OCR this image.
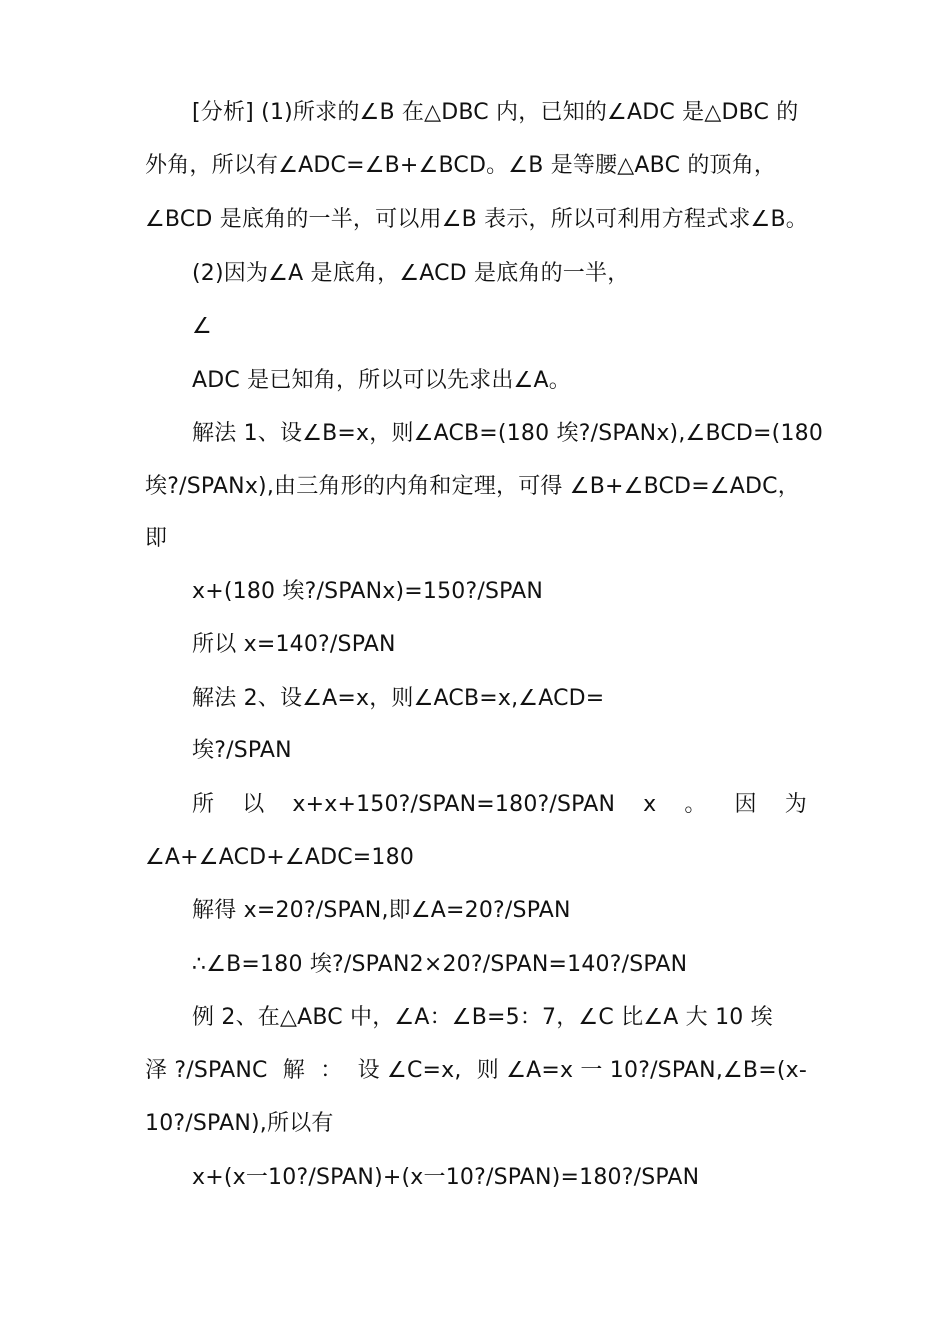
[分析] (1)所求的∠B 在△DBC 内，已知的∠ADC 是△DBC 的
外角，所以有∠ADC=∠B+∠BCD。∠B 是等腰△ABC 的顶角，
∠BCD 是底角的一半，可以用∠B 表示，所以可利用方程式求∠B。
(2)因为∠A 是底角，∠ACD 是底角的一半，
∠
ADC 是已知角，所以可以先求出∠A。
解法 1、设∠B=x，则∠ACB=(180 埃?/SPANx),∠BCD=(180
埃?/SPANx),由三角形的内角和定理，可得 ∠B+∠BCD=∠ADC，
即
x+(180 埃?/SPANx)=150?/SPAN
所以 x=140?/SPAN
解法 2、设∠A=x，则∠ACB=x,∠ACD=
埃?/SPAN
所 以 x+x+150?/SPAN=180?/SPAN x 。 因 为
∠A+∠ACD+∠ADC=180
解得 x=20?/SPAN,即∠A=20?/SPAN
∴∠B=180 埃?/SPAN2×20?/SPAN=140?/SPAN
例 2、在△ABC 中，∠A：∠B=5：7，∠C 比∠A 大 10 埃
泽 ?/SPANC 解 ： 设 ∠C=x, 则 ∠A=x 一 10?/SPAN,∠B=(x-
10?/SPAN),所以有
x+(x一10?/SPAN)+(x一10?/SPAN)=180?/SPAN
